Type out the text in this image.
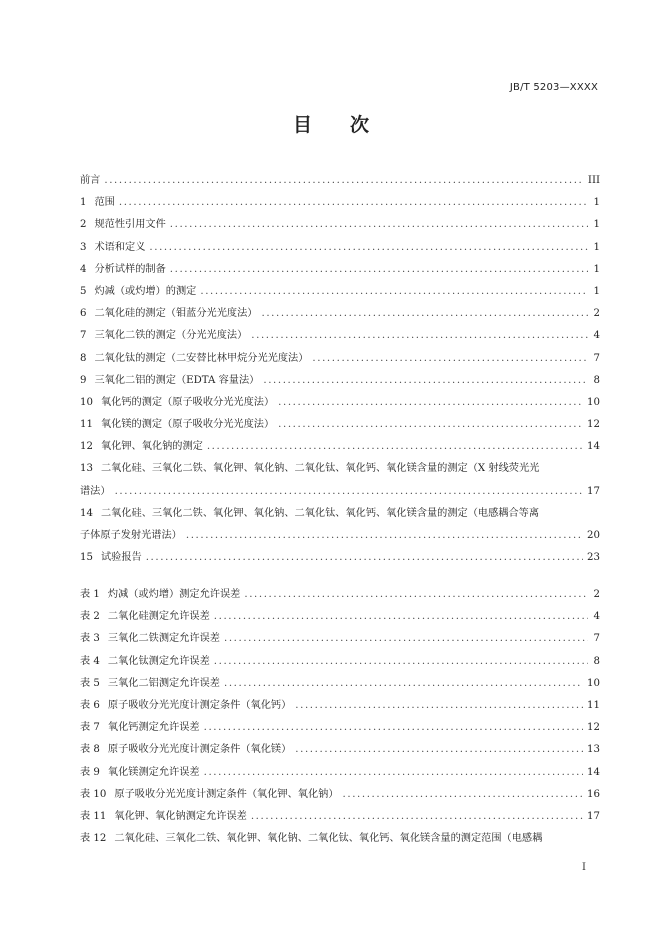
JB/T 5203—XXXX
目次
前言 .....	III
1 范围 .....	1
2 规范性引用文件 .....	1
3 术语和定义 .....	1
4 分析试样的制备 .....	1
5 灼减（或灼增）的测定 .....	1
6 二氧化硅的测定（钼蓝分光光度法） .....	2
7 三氧化二铁的测定（分光光度法） .....	4
8 二氧化钛的测定（二安替比林甲烷分光光度法） .....	7
9 三氧化二铝的测定（EDTA 容量法） .....	8
10 氧化钙的测定（原子吸收分光光度法） .....	10
11 氧化镁的测定（原子吸收分光光度法） .....	12
12 氧化钾、氧化钠的测定 .....	14
13 二氧化硅、三氧化二铁、氧化钾、氧化钠、二氧化钛、氧化钙、氧化镁含量的测定（X 射线荧光光
谱法） .....	17
14 二氧化硅、三氧化二铁、氧化钾、氧化钠、二氧化钛、氧化钙、氧化镁含量的测定（电感耦合等离
子体原子发射光谱法） .....	20
15 试验报告 .....	23
表 1 灼减（或灼增）测定允许误差 .....	2
表 2 二氧化硅测定允许误差 .....	4
表 3 三氧化二铁测定允许误差 .....	7
表 4 二氧化钛测定允许误差 .....	8
表 5 三氧化二铝测定允许误差 .....	10
表 6 原子吸收分光光度计测定条件（氧化钙） .....	11
表 7 氧化钙测定允许误差 .....	12
表 8 原子吸收分光光度计测定条件（氧化镁） .....	13
表 9 氧化镁测定允许误差 .....	14
表 10 原子吸收分光光度计测定条件（氧化钾、氧化钠） .....	16
表 11 氧化钾、氧化钠测定允许误差 .....	17
表 12 二氧化硅、三氧化二铁、氧化钾、氧化钠、二氧化钛、氧化钙、氧化镁含量的测定范围（电感耦
I
